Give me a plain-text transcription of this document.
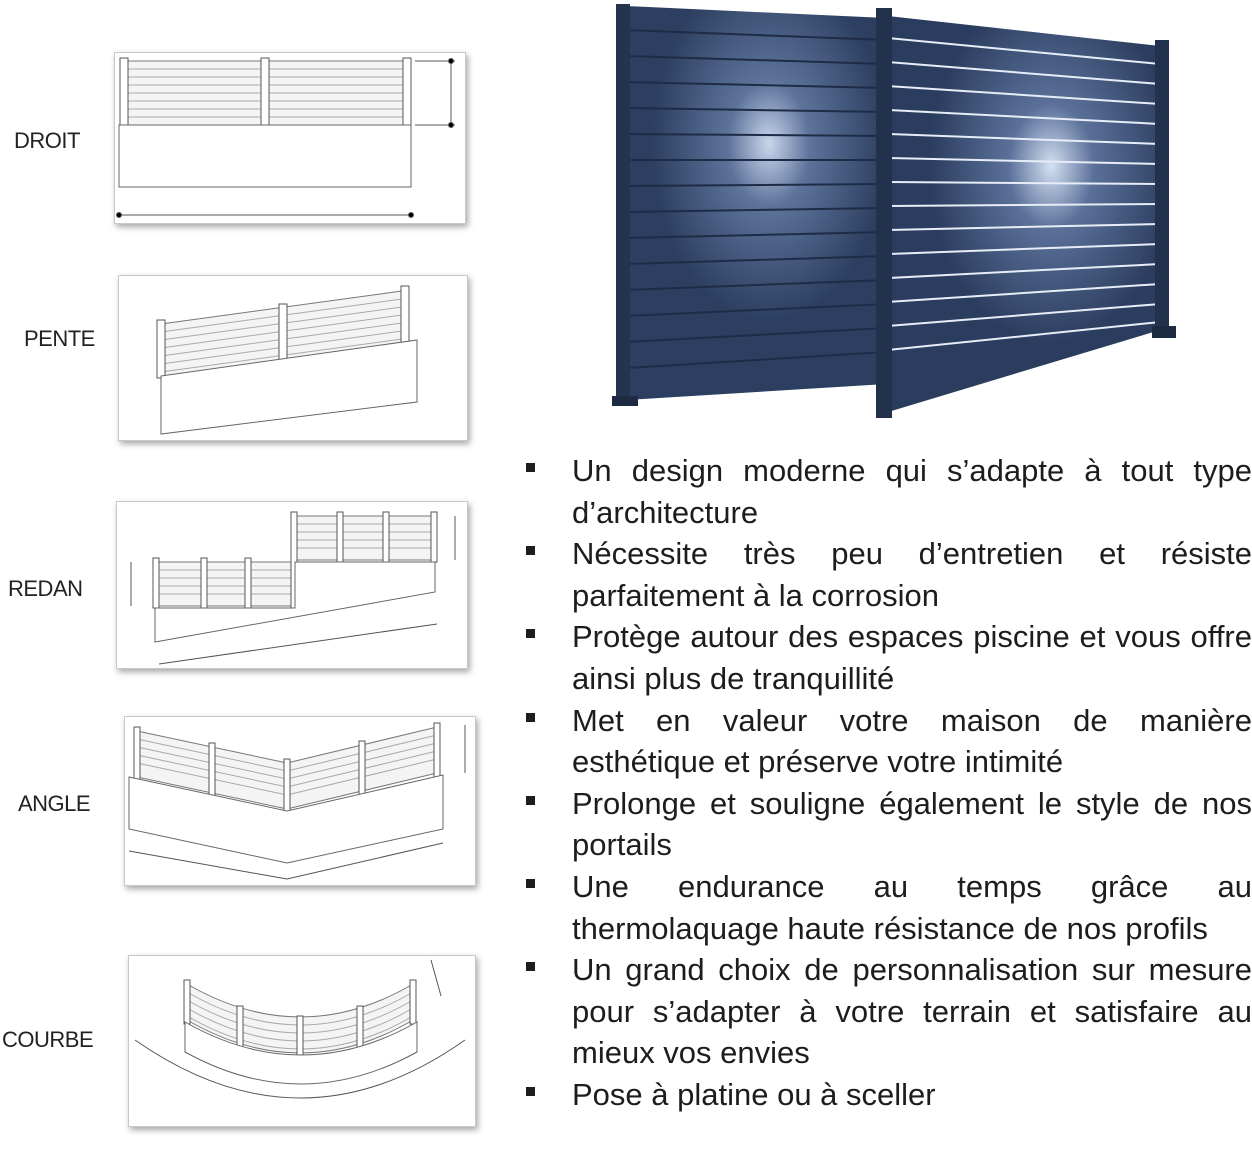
DROIT
PENTE
REDAN
ANGLE
COURBE
Un design moderne qui s’adapte à tout type d’architecture
Nécessite très peu d’entretien et résiste parfaitement à la corrosion
Protège autour des espaces piscine et vous offre ainsi plus de tranquillité
Met en valeur votre maison de manière esthétique et préserve votre intimité
Prolonge et souligne également le style de nos portails
Une endurance au temps grâce au thermolaquage haute résistance de nos profils
Un grand choix de personnalisation sur mesure pour s’adapter à votre terrain et satisfaire au mieux vos envies
Pose à platine ou à sceller
